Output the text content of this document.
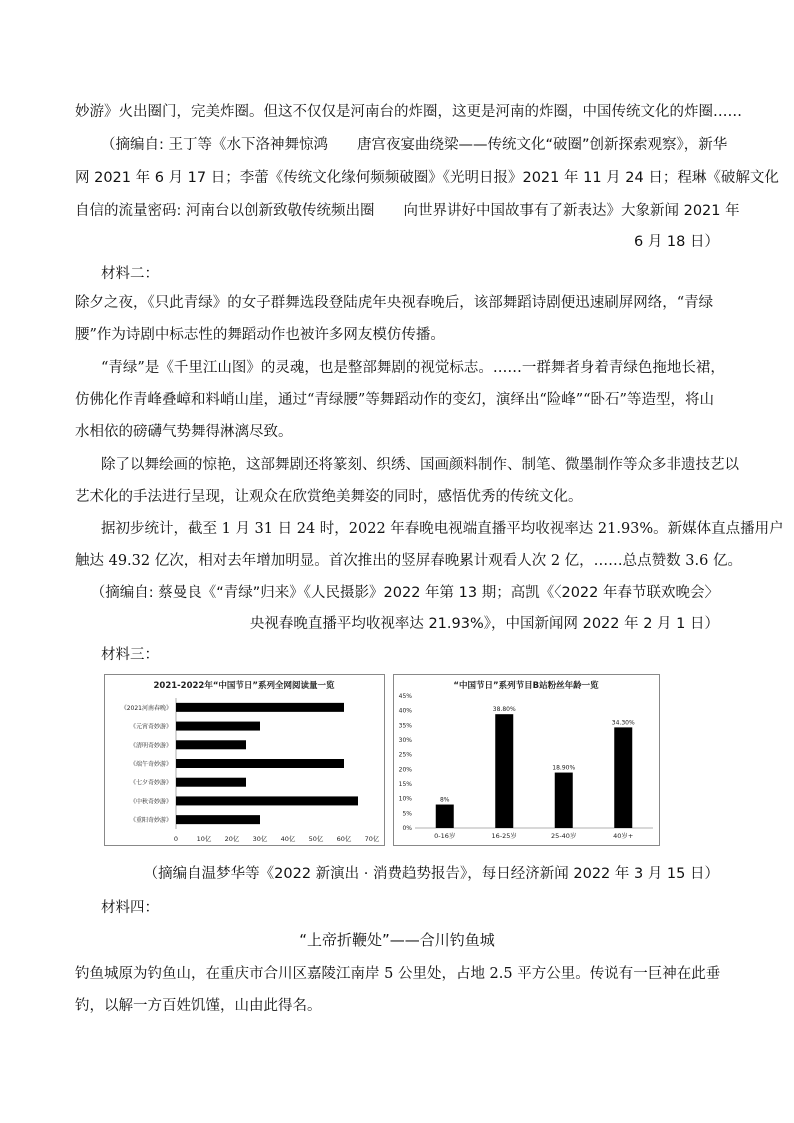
妙游》火出圈门，完美炸圈。但这不仅仅是河南台的炸圈，这更是河南的炸圈，中国传统文化的炸圈……
（摘编自: 王丁等《水下洛神舞惊鸿　　唐宫夜宴曲绕梁——传统文化“破圈”创新探索观察》，新华
网 2021 年 6 月 17 日；李蕾《传统文化缘何频频破圈》《光明日报》2021 年 11 月 24 日；程琳《破解文化
自信的流量密码: 河南台以创新致敬传统频出圈　　向世界讲好中国故事有了新表达》大象新闻 2021 年
6 月 18 日）
材料二：
除夕之夜，《只此青绿》的女子群舞选段登陆虎年央视春晚后，该部舞蹈诗剧便迅速刷屏网络，“青绿
腰”作为诗剧中标志性的舞蹈动作也被许多网友模仿传播。
“青绿”是《千里江山图》的灵魂，也是整部舞剧的视觉标志。……一群舞者身着青绿色拖地长裙，
仿佛化作青峰叠嶂和料峭山崖，通过“青绿腰”等舞蹈动作的变幻，演绎出“险峰”“卧石”等造型，将山
水相依的磅礴气势舞得淋漓尽致。
除了以舞绘画的惊艳，这部舞剧还将篆刻、织绣、国画颜料制作、制笔、微墨制作等众多非遗技艺以
艺术化的手法进行呈现，让观众在欣赏绝美舞姿的同时，感悟优秀的传统文化。
据初步统计，截至 1 月 31 日 24 时，2022 年春晚电视端直播平均收视率达 21.93%。新媒体直点播用户
触达 49.32 亿次，相对去年增加明显。首次推出的竖屏春晚累计观看人次 2 亿，……总点赞数 3.6 亿。
（摘编自: 蔡曼良《“青绿”归来》《人民摄影》2022 年第 13 期；高凯《〈2022 年春节联欢晚会〉
央视春晚直播平均收视率达 21.93%》，中国新闻网 2022 年 2 月 1 日）
材料三：
2021-2022年“中国节日”系列全网阅读量一览
《2021河南春晚》
《元宵奇妙游》
《清明奇妙游》
《端午奇妙游》
《七夕奇妙游》
《中秋奇妙游》
《重阳奇妙游》
0	10亿 20亿 30亿 40亿 50亿 60亿 70亿
“中国节日”系列节目B站粉丝年龄一览
0%
5%
10%
15%
20%
25%
30%
35%
40%
45%
8%
0-16岁
38.80%
16-25岁
18.90%
25-40岁
34.30%
40岁+
（摘编自温梦华等《2022 新演出 · 消费趋势报告》，每日经济新闻 2022 年 3 月 15 日）
材料四：
“上帝折鞭处”——合川钓鱼城
钓鱼城原为钓鱼山，在重庆市合川区嘉陵江南岸 5 公里处，占地 2.5 平方公里。传说有一巨神在此垂
钓，以解一方百姓饥馑，山由此得名。
